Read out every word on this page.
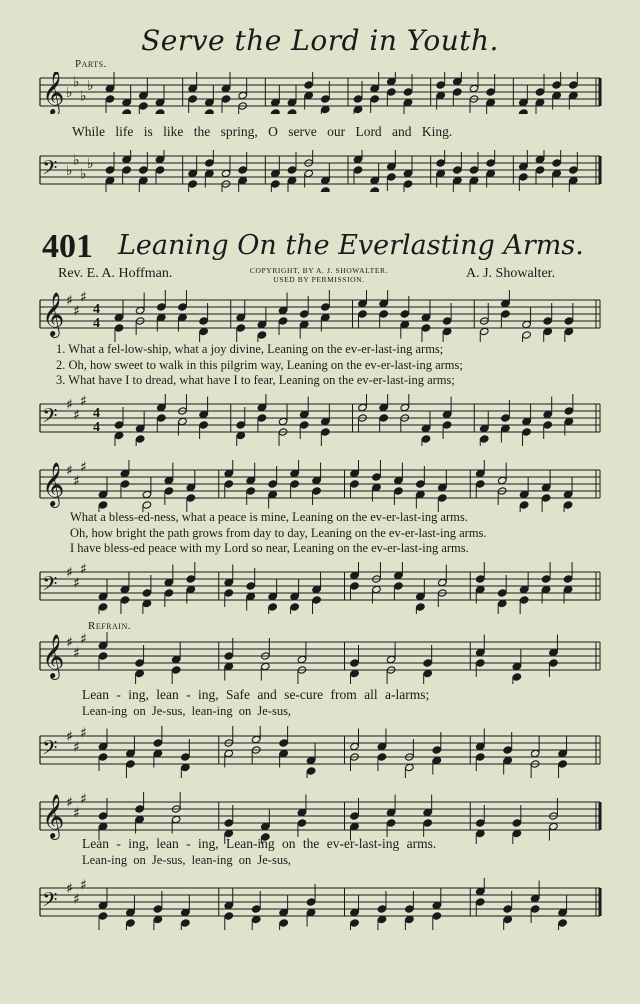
Serve the Lord in Youth.
Parts.
𝄞 ♭
♭
♭
♭
While life is like the spring, O serve our Lord and King.
𝄢 ♭
♭
♭
♭
401 Leaning On the Everlasting Arms.
Rev. E. A. Hoffman.	COPYRIGHT, BY A. J. SHOWALTER.
USED BY PERMISSION.	A. J. Showalter.
𝄞 ♯
♯
♯
4
4
1. What a fel-low-ship, what a joy divine, Leaning on the ev-er-last-ing arms;
2. Oh, how sweet to walk in this pilgrim way, Leaning on the ev-er-last-ing arms;
3. What have I to dread, what have I to fear, Leaning on the ev-er-last-ing arms;
𝄢 ♯
♯
♯
4
4
𝄞 ♯
♯
♯
What a bless-ed-ness, what a peace is mine, Leaning on the ev-er-last-ing arms.
Oh, how bright the path grows from day to day, Leaning on the ev-er-last-ing arms.
I have bless-ed peace with my Lord so near, Leaning on the ev-er-last-ing arms.
𝄢 ♯
♯
♯
Refrain.
𝄞 ♯
♯
♯
Lean - ing, lean - ing, Safe and se-cure from all a-larms;
Lean-ing on Je-sus, lean-ing on Je-sus,
𝄢 ♯
♯
♯
𝄞 ♯
♯
♯
Lean - ing, lean - ing, Lean-ing on the ev-er-last-ing arms.
Lean-ing on Je-sus, lean-ing on Je-sus,
𝄢 ♯
♯
♯
